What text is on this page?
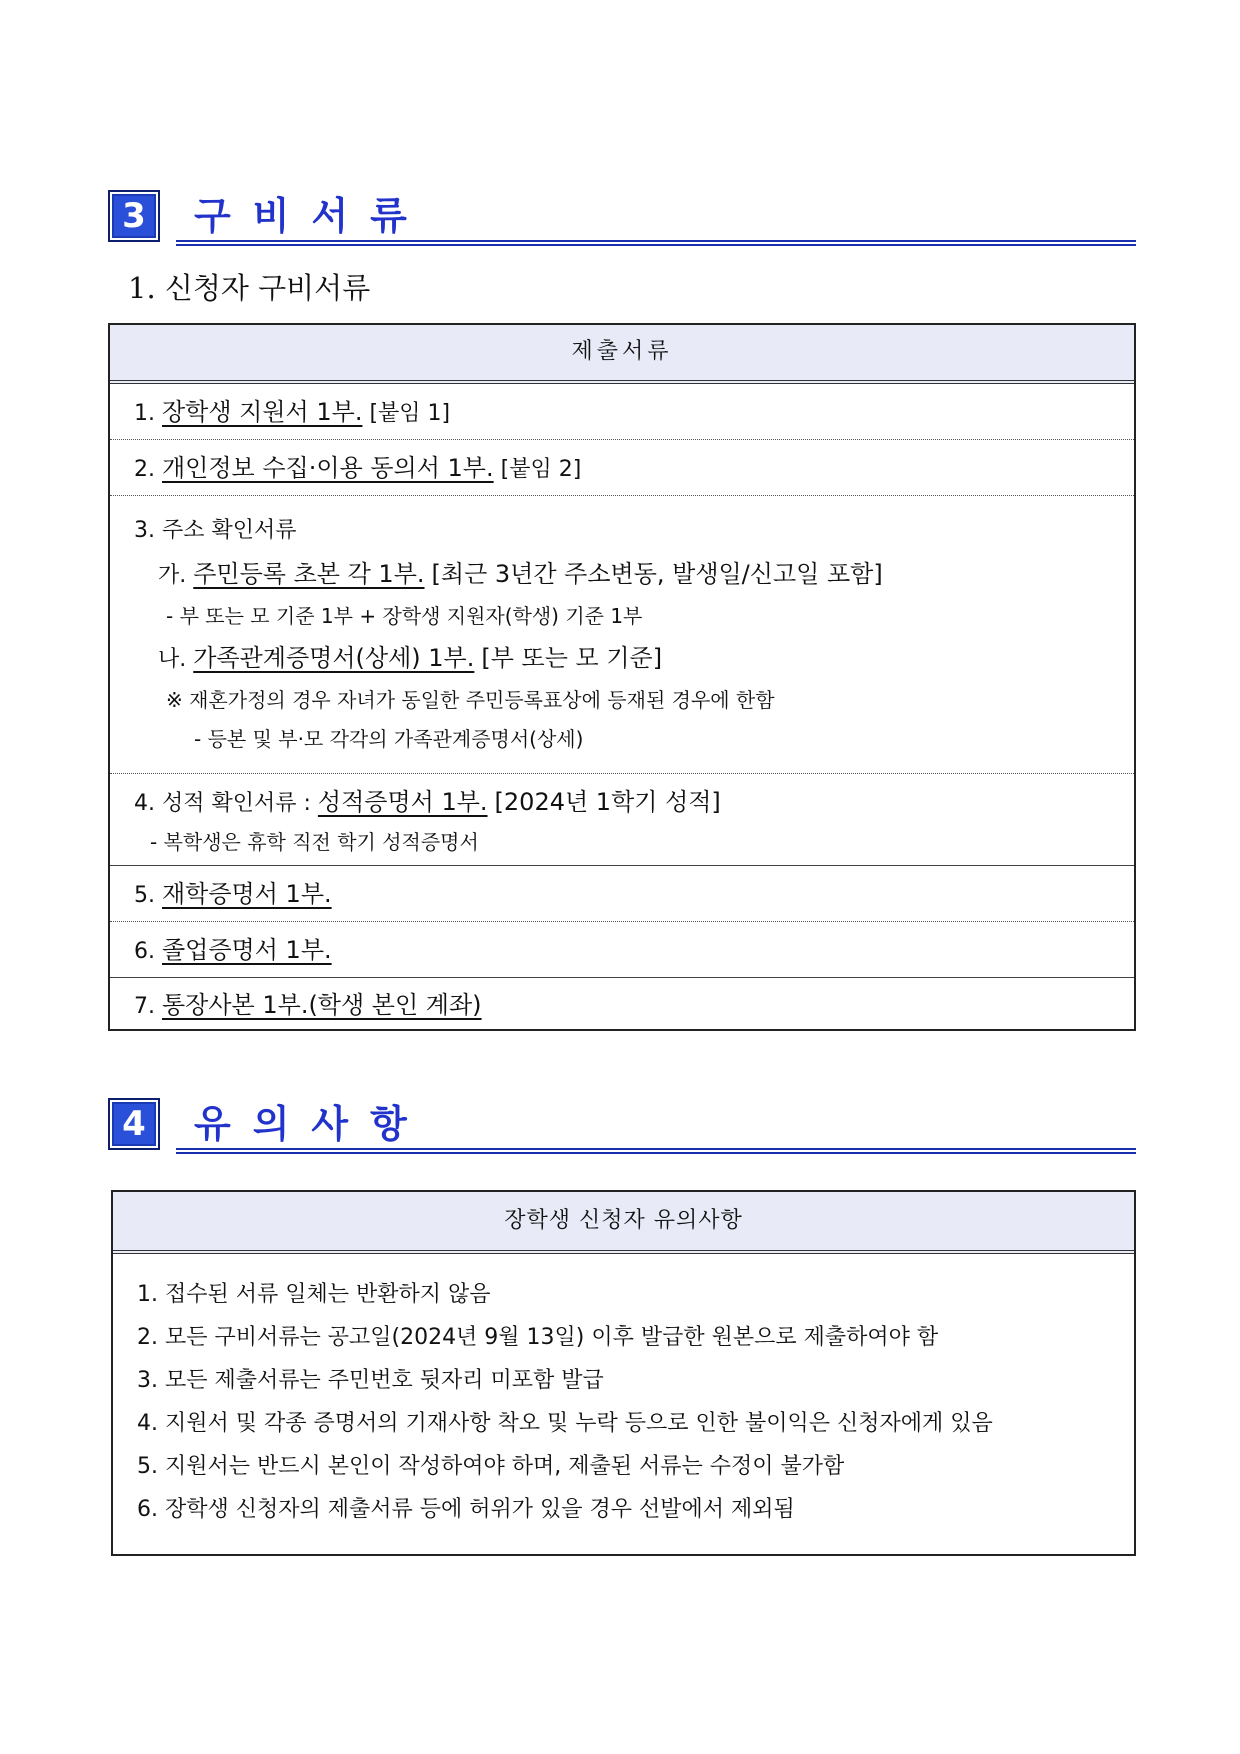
3	구비서류
1. 신청자 구비서류
제출서류
1. 장학생 지원서 1부. [붙임 1]
2. 개인정보 수집·이용 동의서 1부. [붙임 2]
3. 주소 확인서류
가. 주민등록 초본 각 1부. [최근 3년간 주소변동, 발생일/신고일 포함]
- 부 또는 모 기준 1부 + 장학생 지원자(학생) 기준 1부
나. 가족관계증명서(상세) 1부. [부 또는 모 기준]
※ 재혼가정의 경우 자녀가 동일한 주민등록표상에 등재된 경우에 한함
- 등본 및 부·모 각각의 가족관계증명서(상세)
4. 성적 확인서류 : 성적증명서 1부. [2024년 1학기 성적]
- 복학생은 휴학 직전 학기 성적증명서
5. 재학증명서 1부.
6. 졸업증명서 1부.
7. 통장사본 1부.(학생 본인 계좌)
4	유의사항
장학생 신청자 유의사항
1. 접수된 서류 일체는 반환하지 않음
2. 모든 구비서류는 공고일(2024년 9월 13일) 이후 발급한 원본으로 제출하여야 함
3. 모든 제출서류는 주민번호 뒷자리 미포함 발급
4. 지원서 및 각종 증명서의 기재사항 착오 및 누락 등으로 인한 불이익은 신청자에게 있음
5. 지원서는 반드시 본인이 작성하여야 하며, 제출된 서류는 수정이 불가함
6. 장학생 신청자의 제출서류 등에 허위가 있을 경우 선발에서 제외됨
